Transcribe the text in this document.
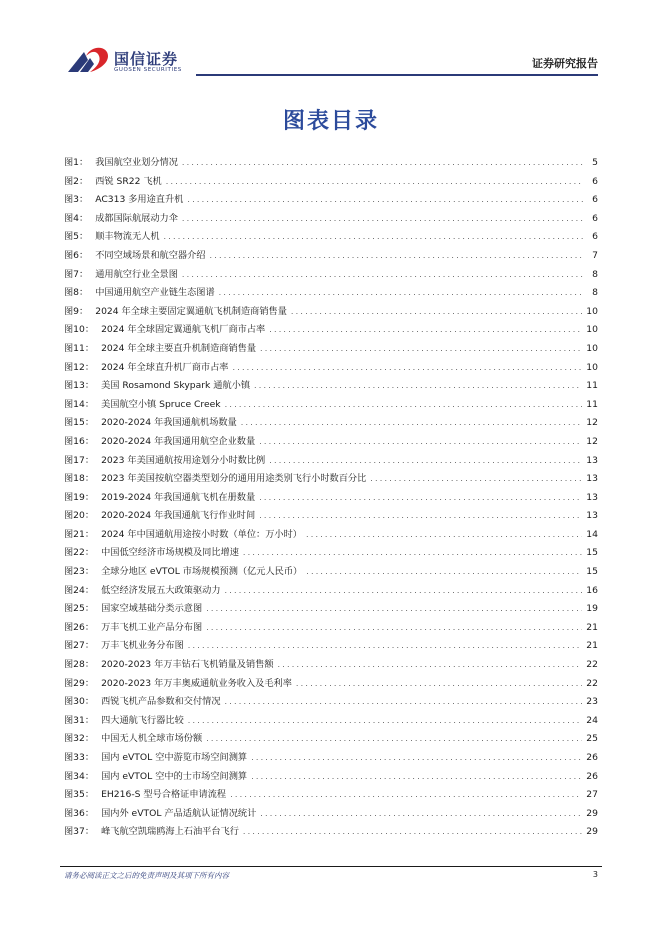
国信证券
GUOSEN SECURITIES	证券研究报告
图表目录
图1： 我国航空业划分情况 .....	5
图2： 西锐 SR22 飞机 .....	6
图3： AC313 多用途直升机 .....	6
图4： 成都国际航展动力伞 .....	6
图5： 顺丰物流无人机 .....	6
图6： 不同空域场景和航空器介绍 .....	7
图7： 通用航空行业全景图 .....	8
图8： 中国通用航空产业链生态图谱 .....	8
图9： 2024 年全球主要固定翼通航飞机制造商销售量 .....	10
图10： 2024 年全球固定翼通航飞机厂商市占率 .....	10
图11： 2024 年全球主要直升机制造商销售量 .....	10
图12： 2024 年全球直升机厂商市占率 .....	10
图13： 美国 Rosamond Skypark 通航小镇 .....	11
图14： 美国航空小镇 Spruce Creek .....	11
图15： 2020-2024 年我国通航机场数量 .....	12
图16： 2020-2024 年我国通用航空企业数量 .....	12
图17： 2023 年美国通航按用途划分小时数比例 .....	13
图18： 2023 年美国按航空器类型划分的通用用途类别飞行小时数百分比 .....	13
图19： 2019-2024 年我国通航飞机在册数量 .....	13
图20： 2020-2024 年我国通航飞行作业时间 .....	13
图21： 2024 年中国通航用途按小时数（单位：万小时） .....	14
图22： 中国低空经济市场规模及同比增速 .....	15
图23： 全球分地区 eVTOL 市场规模预测（亿元人民币） .....	15
图24： 低空经济发展五大政策驱动力 .....	16
图25： 国家空域基础分类示意图 .....	19
图26： 万丰飞机工业产品分布图 .....	21
图27： 万丰飞机业务分布图 .....	21
图28： 2020-2023 年万丰钻石飞机销量及销售额 .....	22
图29： 2020-2023 年万丰奥威通航业务收入及毛利率 .....	22
图30： 西锐飞机产品参数和交付情况 .....	23
图31： 四大通航飞行器比较 .....	24
图32： 中国无人机全球市场份额 .....	25
图33： 国内 eVTOL 空中游览市场空间测算 .....	26
图34： 国内 eVTOL 空中的士市场空间测算 .....	26
图35： EH216-S 型号合格证申请流程 .....	27
图36： 国内外 eVTOL 产品适航认证情况统计 .....	29
图37： 峰飞航空凯瑞鸥海上石油平台飞行 .....	29
请务必阅读正文之后的免责声明及其项下所有内容	3
